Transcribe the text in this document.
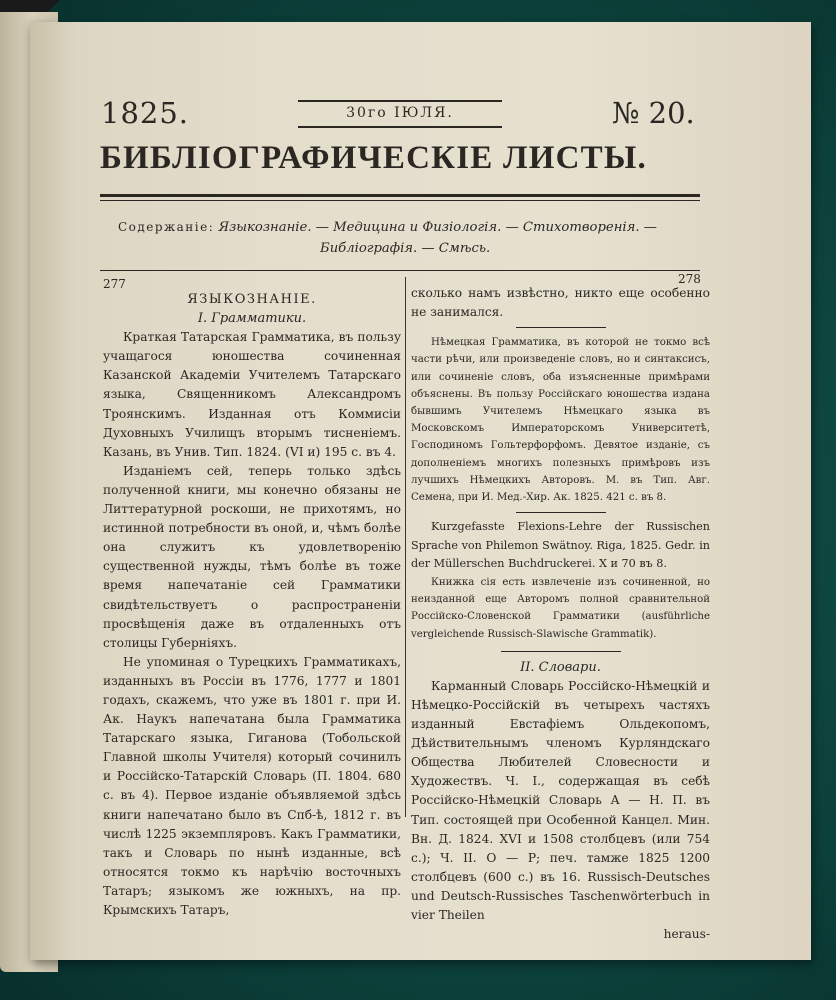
1825.	30го ІЮЛЯ.	№ 20.
БИБЛІОГРАФИЧЕСКІЕ ЛИСТЫ.
Содержаніе: Языкознаніе. — Медицина и Физіологія. — Стихотворенія. —
Библіографія. — Смѣсь.
277	278
ЯЗЫКОЗНАНІЕ.
I. Грамматики.

Краткая Татарская Грамматика, въ пользу учащагося юношества сочиненная Казанской Академіи Учителемъ Татарскаго языка, Священникомъ Александромъ Троянскимъ. Изданная отъ Коммисіи Духовныхъ Училищъ вторымъ тисненіемъ. Казань, въ Унив. Тип. 1824. (VI и) 195 с. въ 4.

Изданіемъ сей, теперь только здѣсь полученной книги, мы конечно обязаны не Литтературной роскоши, не прихотямъ, но истинной потребности въ оной, и, чѣмъ болѣе она служитъ къ удовлетворенію существенной нужды, тѣмъ болѣе въ тоже время напечатаніе сей Грамматики свидѣтельствуетъ о распространеніи просвѣщенія даже въ отдаленныхъ отъ столицы Губерніяхъ.

Не упоминая о Турецкихъ Грамматикахъ, изданныхъ въ Россіи въ 1776, 1777 и 1801 годахъ, скажемъ, что уже въ 1801 г. при И. Ак. Наукъ напечатана была Грамматика Татарскаго языка, Гиганова (Тобольской Главной школы Учителя) который сочинилъ и Россійско-Татарскій Словарь (П. 1804. 680 с. въ 4). Первое изданіе объявляемой здѣсь книги напечатано было въ Спб-ѣ, 1812 г. въ числѣ 1225 экземпляровъ. Какъ Грамматики, такъ и Словарь по нынѣ изданные, всѣ относятся токмо къ нарѣчію восточныхъ Татаръ; языкомъ же южныхъ, на пр. Крымскихъ Татаръ,

сколько намъ извѣстно, никто еще особенно не занимался.

Нѣмецкая Грамматика, въ которой не токмо всѣ части рѣчи, или произведеніе словъ, но и синтаксисъ, или сочиненіе словъ, оба изъясненные примѣрами объяснены. Въ пользу Россійскаго юношества издана бывшимъ Учителемъ Нѣмецкаго языка въ Московскомъ Императорскомъ Университетѣ, Господиномъ Гольтерфорфомъ. Девятое изданіе, съ дополненіемъ многихъ полезныхъ примѣровъ изъ лучшихъ Нѣмецкихъ Авторовъ. М. въ Тип. Авг. Семена, при И. Мед.-Хир. Ак. 1825. 421 с. въ 8.

Kurzgefasste Flexions-Lehre der Russischen Sprache von Philemon Swätnoy. Riga, 1825. Gedr. in der Müllerschen Buchdruckerei. X и 70 въ 8.

Книжка сія есть извлеченіе изъ сочиненной, но неизданной еще Авторомъ полной сравнительной Россійско-Словенской Грамматики (ausführliche vergleichende Russisch-Slawische Grammatik).

II. Словари.

Карманный Словарь Россійско-Нѣмецкій и Нѣмецко-Россійскій въ четырехъ частяхъ изданный Евстафіемъ Ольдекопомъ, Дѣйствительнымъ членомъ Курляндскаго Общества Любителей Словесности и Художествъ. Ч. I., содержащая въ себѣ Россійско-Нѣмецкій Словарь А — Н. П. въ Тип. состоящей при Особенной Канцел. Мин. Вн. Д. 1824. XVI и 1508 столбцевъ (или 754 с.); Ч. II. О — Р; печ. тамже 1825 1200 столбцевъ (600 с.) въ 16. Russisch-Deutsches und Deutsch-Russisches Taschenwörterbuch in vier Theilen

heraus-
